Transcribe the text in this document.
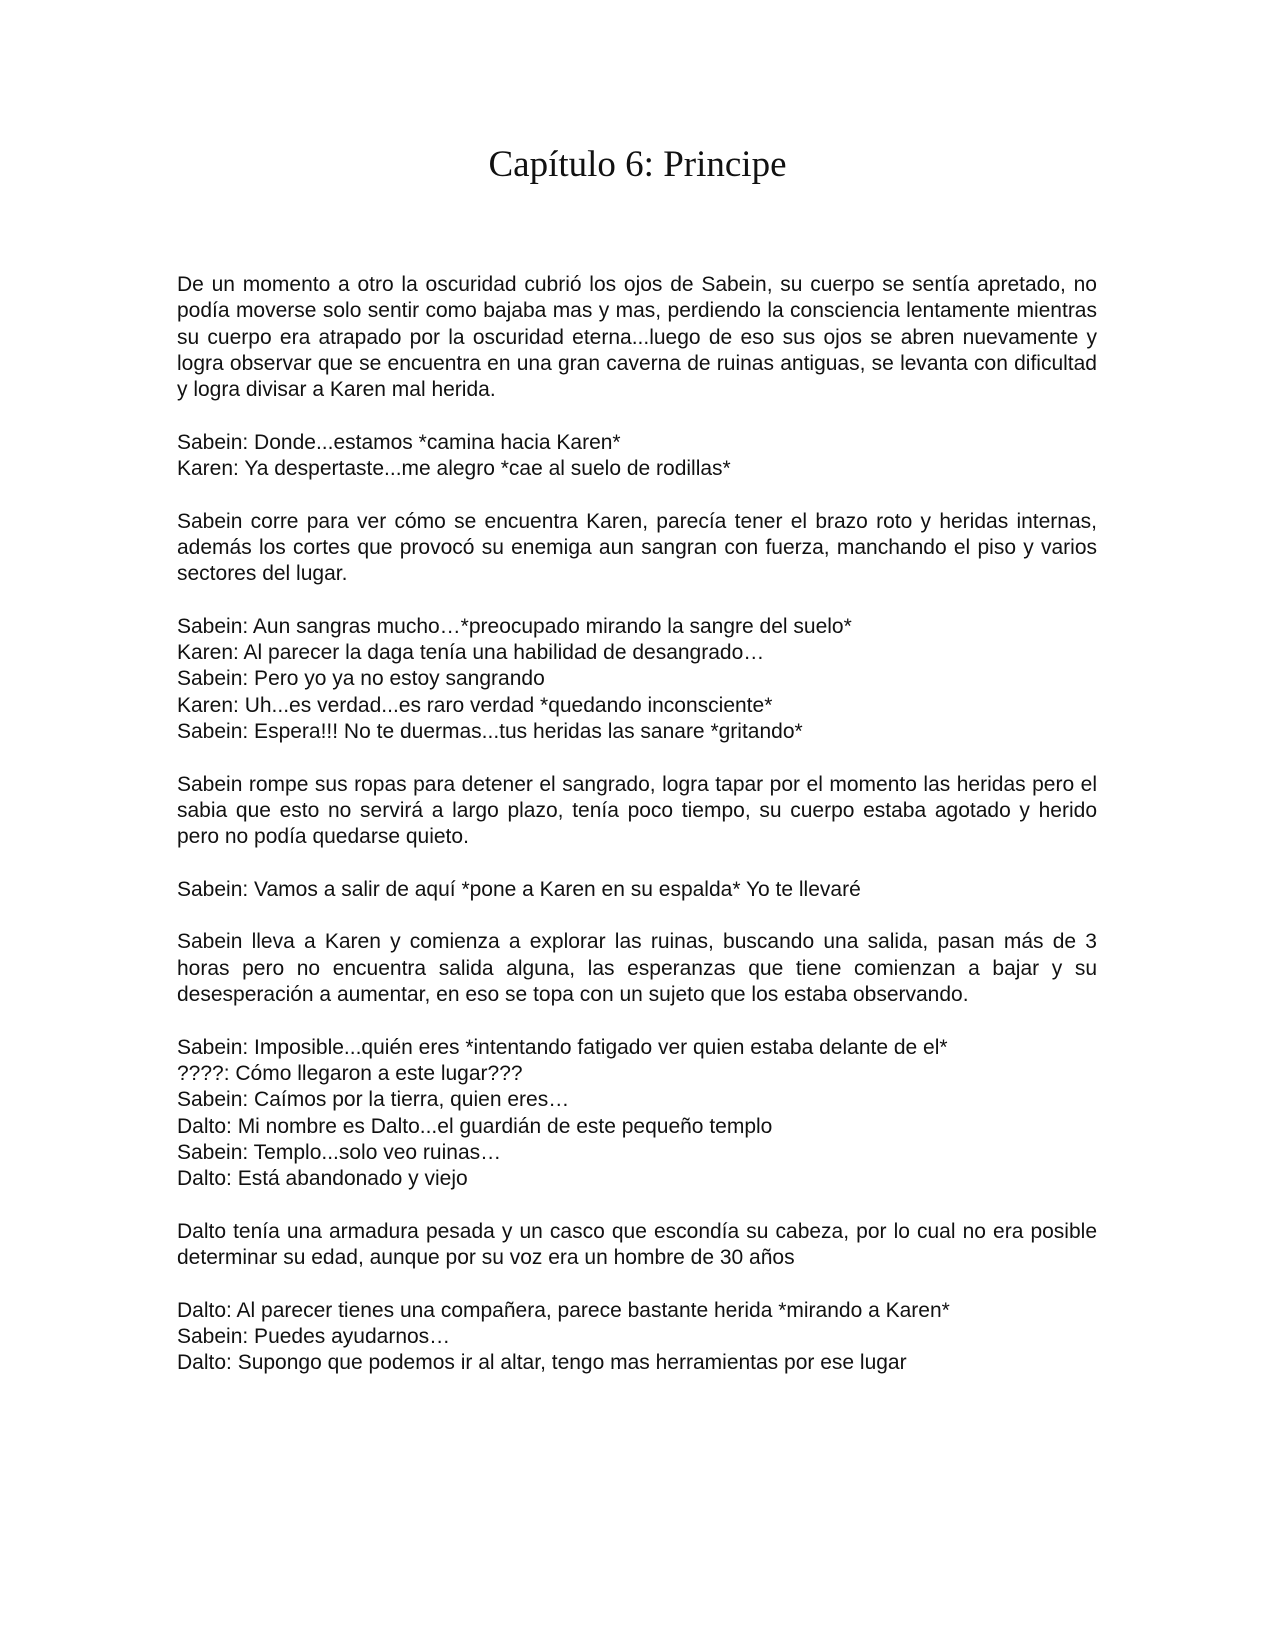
Capítulo 6: Principe

De un momento a otro la oscuridad cubrió los ojos de Sabein, su cuerpo se sentía apretado, no podía moverse solo sentir como bajaba mas y mas, perdiendo la consciencia lentamente mientras su cuerpo era atrapado por la oscuridad eterna...luego de eso sus ojos se abren nuevamente y logra observar que se encuentra en una gran caverna de ruinas antiguas, se levanta con dificultad y logra divisar a Karen mal herida.

Sabein: Donde...estamos *camina hacia Karen*
Karen: Ya despertaste...me alegro *cae al suelo de rodillas*

Sabein corre para ver cómo se encuentra Karen, parecía tener el brazo roto y heridas internas, además los cortes que provocó su enemiga aun sangran con fuerza, manchando el piso y varios sectores del lugar.

Sabein: Aun sangras mucho…*preocupado mirando la sangre del suelo*
Karen: Al parecer la daga tenía una habilidad de desangrado…
Sabein: Pero yo ya no estoy sangrando
Karen: Uh...es verdad...es raro verdad *quedando inconsciente*
Sabein: Espera!!! No te duermas...tus heridas las sanare *gritando*

Sabein rompe sus ropas para detener el sangrado, logra tapar por el momento las heridas pero el sabia que esto no servirá a largo plazo, tenía poco tiempo, su cuerpo estaba agotado y herido pero no podía quedarse quieto.

Sabein: Vamos a salir de aquí *pone a Karen en su espalda* Yo te llevaré

Sabein lleva a Karen y comienza a explorar las ruinas, buscando una salida, pasan más de 3 horas pero no encuentra salida alguna, las esperanzas que tiene comienzan a bajar y su desesperación a aumentar, en eso se topa con un sujeto que los estaba observando.

Sabein: Imposible...quién eres *intentando fatigado ver quien estaba delante de el*
????: Cómo llegaron a este lugar???
Sabein: Caímos por la tierra, quien eres…
Dalto: Mi nombre es Dalto...el guardián de este pequeño templo
Sabein: Templo...solo veo ruinas…
Dalto: Está abandonado y viejo

Dalto tenía una armadura pesada y un casco que escondía su cabeza, por lo cual no era posible determinar su edad, aunque por su voz era un hombre de 30 años

Dalto: Al parecer tienes una compañera, parece bastante herida *mirando a Karen*
Sabein: Puedes ayudarnos…
Dalto: Supongo que podemos ir al altar, tengo mas herramientas por ese lugar
